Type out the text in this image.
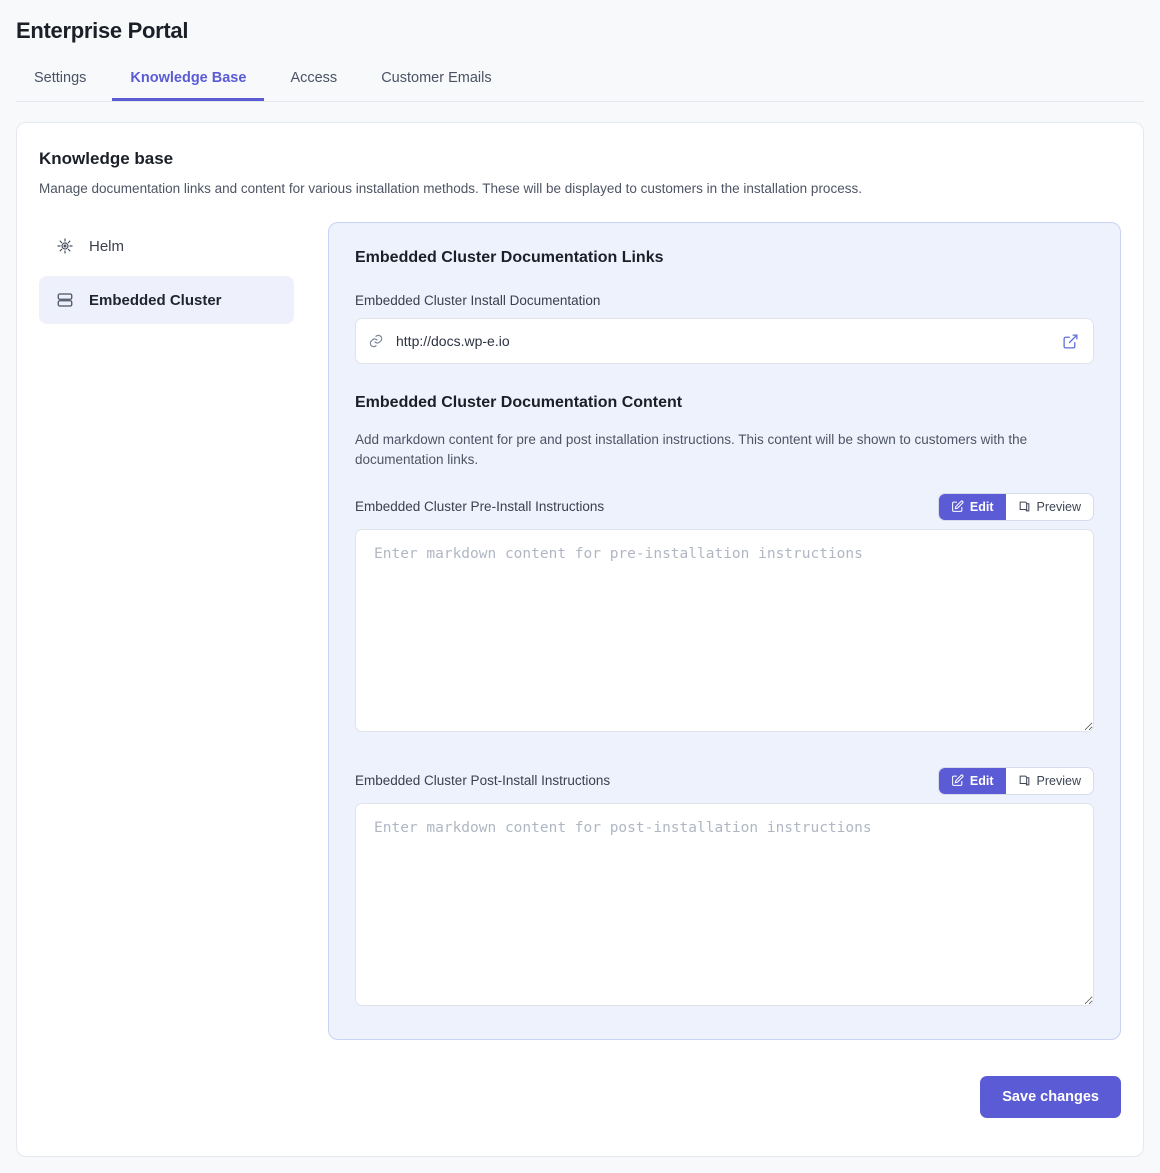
Enterprise Portal
Settings	Knowledge Base	Access	Customer Emails
Knowledge base

Manage documentation links and content for various installation methods. These will be displayed to customers in the installation process.

Helm
Embedded Cluster
Embedded Cluster Documentation Links
Embedded Cluster Install Documentation
http://docs.wp-e.io
Embedded Cluster Documentation Content

Add markdown content for pre and post installation instructions. This content will be shown to customers with the documentation links.

Embedded Cluster Pre-Install Instructions	Edit	Preview
Enter markdown content for pre-installation instructions
Embedded Cluster Post-Install Instructions	Edit	Preview
Enter markdown content for post-installation instructions
Save changes
